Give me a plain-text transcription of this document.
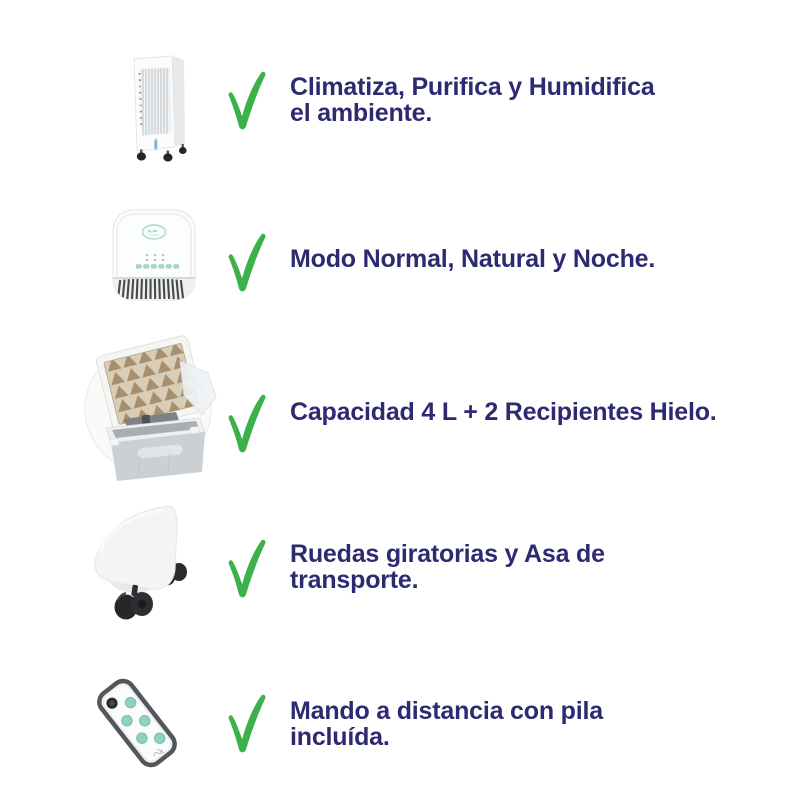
Climatiza, Purifica y Humidifica
el ambiente.
Modo Normal, Natural y Noche.
Capacidad 4 L + 2 Recipientes Hielo.
Ruedas giratorias y Asa de
transporte.
Mando a distancia con pila
incluída.
